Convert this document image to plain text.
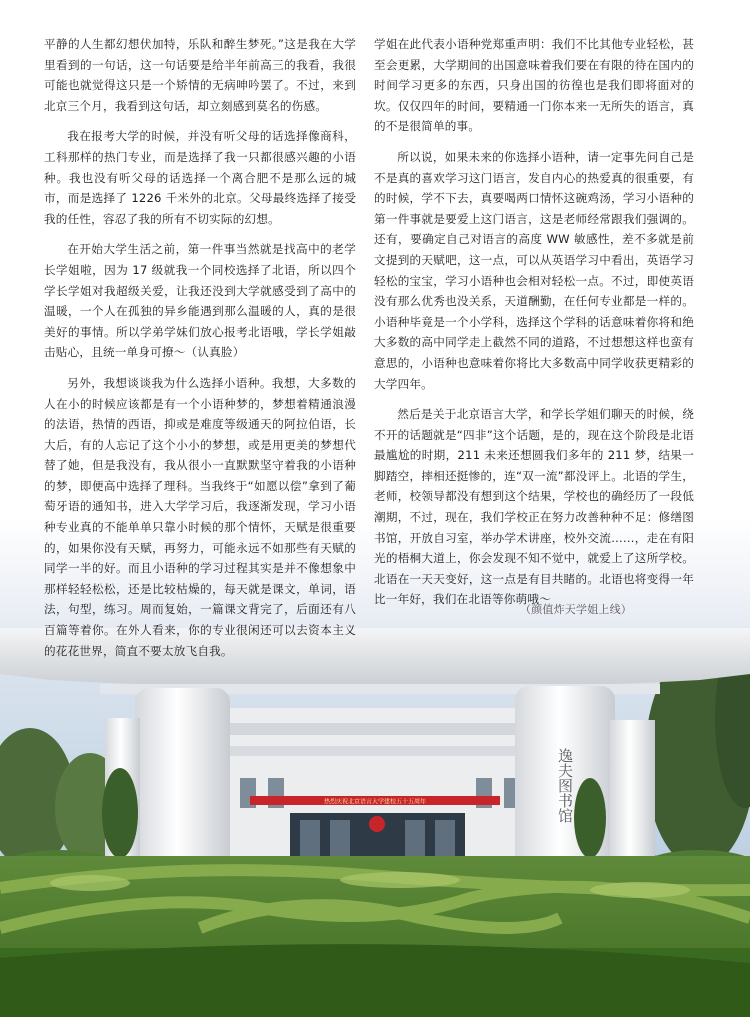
平静的人生都幻想伏加特，乐队和醉生梦死。”这是我在大学里看到的一句话，这一句话要是给半年前高三的我看，我很可能也就觉得这只是一个矫情的无病呻吟罢了。不过，来到北京三个月，我看到这句话，却立刻感到莫名的伤感。

我在报考大学的时候，并没有听父母的话选择像商科，工科那样的热门专业，而是选择了我一只都很感兴趣的小语种。我也没有听父母的话选择一个离合肥不是那么远的城市，而是选择了 1226 千米外的北京。父母最终选择了接受我的任性，容忍了我的所有不切实际的幻想。

在开始大学生活之前，第一件事当然就是找高中的老学长学姐啦，因为 17 级就我一个同校选择了北语，所以四个学长学姐对我超级关爱，让我还没到大学就感受到了高中的温暖，一个人在孤独的异乡能遇到那么温暖的人，真的是很美好的事情。所以学弟学妹们放心报考北语哦，学长学姐敲击贴心，且统一单身可撩～（认真脸）

另外，我想谈谈我为什么选择小语种。我想，大多数的人在小的时候应该都是有一个小语种梦的，梦想着精通浪漫的法语，热情的西语，抑或是难度等级通天的阿拉伯语，长大后，有的人忘记了这个小小的梦想，或是用更美的梦想代替了她，但是我没有，我从很小一直默默坚守着我的小语种的梦，即便高中选择了理科。当我终于“如愿以偿”拿到了葡萄牙语的通知书，进入大学学习后，我逐渐发现，学习小语种专业真的不能单单只靠小时候的那个情怀，天赋是很重要的，如果你没有天赋，再努力，可能永远不如那些有天赋的同学一半的好。而且小语种的学习过程其实是并不像想象中那样轻轻松松，还是比较枯燥的，每天就是课文，单词，语法，句型，练习。周而复始，一篇课文背完了，后面还有八百篇等着你。在外人看来，你的专业很闲还可以去资本主义的花花世界，简直不要太放飞自我。

学姐在此代表小语种党郑重声明：我们不比其他专业轻松，甚至会更累，大学期间的出国意味着我们要在有限的待在国内的时间学习更多的东西，只身出国的彷徨也是我们即将面对的坎。仅仅四年的时间，要精通一门你本来一无所失的语言，真的不是很简单的事。

所以说，如果未来的你选择小语种，请一定事先问自己是不是真的喜欢学习这门语言，发自内心的热爱真的很重要，有的时候，学不下去，真要喝两口情怀这碗鸡汤，学习小语种的第一件事就是要爱上这门语言，这是老师经常跟我们强调的。还有，要确定自己对语言的高度 WW 敏感性，差不多就是前文提到的天赋吧，这一点，可以从英语学习中看出，英语学习轻松的宝宝，学习小语种也会相对轻松一点。不过，即使英语没有那么优秀也没关系，天道酬勤，在任何专业都是一样的。小语种毕竟是一个小学科，选择这个学科的话意味着你将和绝大多数的高中同学走上截然不同的道路，不过想想这样也蛮有意思的，小语种也意味着你将比大多数高中同学收获更精彩的大学四年。

然后是关于北京语言大学，和学长学姐们聊天的时候，绕不开的话题就是“四非”这个话题，是的，现在这个阶段是北语最尴尬的时期，211 未来还想圆我们多年的 211 梦，结果一脚踏空，摔相还挺惨的，连“双一流”都没评上。北语的学生，老师，校领导都没有想到这个结果，学校也的确经历了一段低潮期，不过，现在，我们学校正在努力改善种种不足：修缮图书馆，开放自习室，举办学术讲座，校外交流……，走在有阳光的梧桐大道上，你会发现不知不觉中，就爱上了这所学校。北语在一天天变好，这一点是有目共睹的。北语也将变得一年比一年好，我们在北语等你萌哦～

（颜值炸天学姐上线）
热烈庆祝北京语言大学建校五十五周年	逸夫图书馆
